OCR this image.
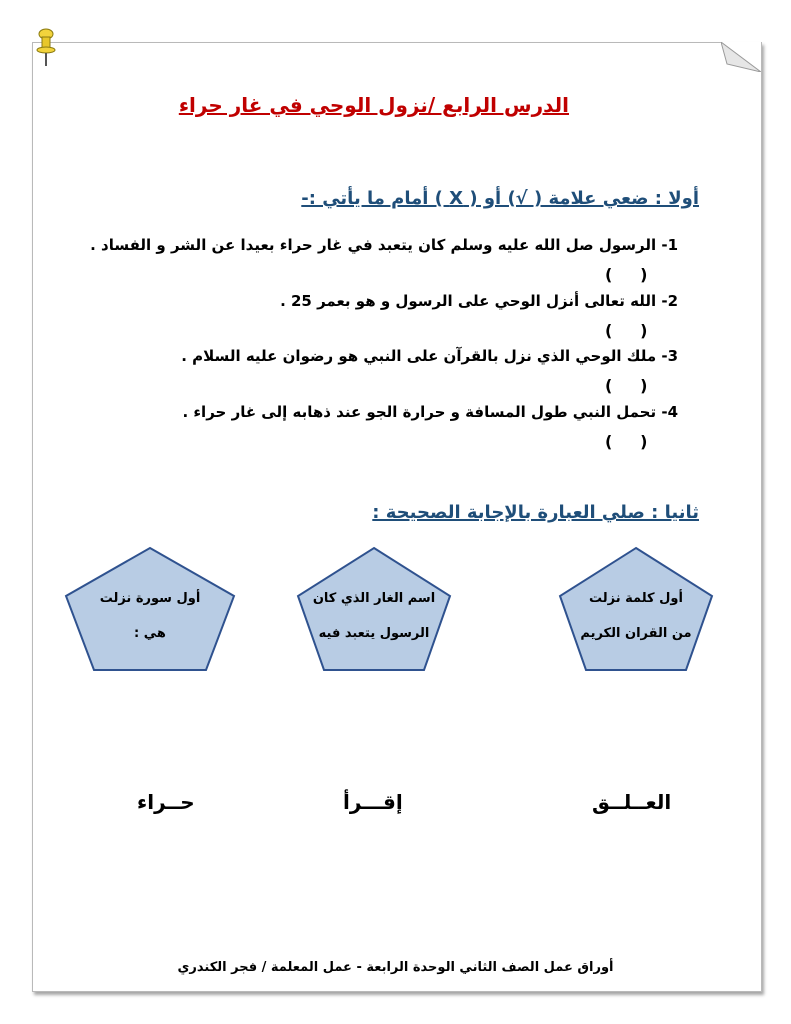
الدرس الرابع /نزول الوحي في غار حراء
أولا : ضعي علامة ( √) أو ( X ) أمام ما يأتي :-
1- الرسول صل الله عليه وسلم كان يتعبد في غار حراء بعيدا عن الشر و الفساد .
(     )
2- الله تعالى أنزل الوحي على الرسول و هو بعمر 25 .
(     )
3- ملك الوحي الذي نزل بالقرآن على النبي هو رضوان عليه السلام .
(     )
4- تحمل النبي طول المسافة و حرارة الجو عند ذهابه إلى غار حراء .
(     )
ثانيا : صلي العبارة بالإجابة الصحيحة :
أول كلمة نزلت
من القران الكريم
اسم الغار الذي كان
الرسول يتعبد فيه
أول سورة نزلت
هي :
العــلــق
إقـــرأ
حــراء
أوراق عمل الصف الثاني الوحدة الرابعة - عمل المعلمة / فجر الكندري
